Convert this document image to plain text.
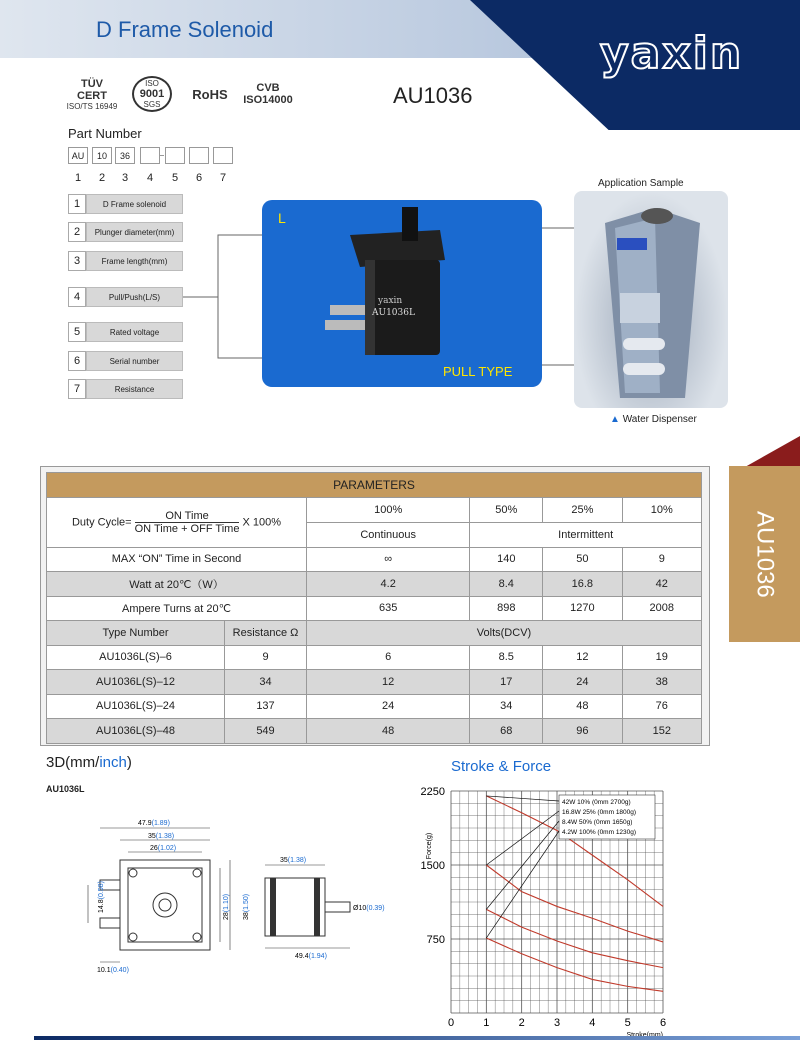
D Frame Solenoid	yaxin
TÜV
CERT
ISO/TS 16949
ISO
9001
SGS
RoHS	CVB
ISO14000	AU1036
Part Number
AU	10	36
1	2	3	4	5	6	7
1	D Frame solenoid
2	Plunger diameter(mm)
3	Frame length(mm)
4	Pull/Push(L/S)
5	Rated voltage
6	Serial number
7	Resistance
L
yaxin
AU1036L
PULL TYPE
Application Sample
▲ Water Dispenser
AU1036
PARAMETERS					
Duty Cycle= $\frac{\text{ON Time}}{\text{ON Time + OFF Time}}$ X 100%		100%	50%	25%	10%
		Continuous	Intermittent		
MAX “ON” Time in Second		∞	140	50	9
Watt at 20℃（W）		4.2	8.4	16.8	42
Ampere Turns at 20℃		635	898	1270	2008
Type Number	Resistance Ω	Volts(DCV)			
AU1036L(S)–6	9	6	8.5	12	19
AU1036L(S)–12	34	12	17	24	38
AU1036L(S)–24	137	24	34	48	76
AU1036L(S)–48	549	48	68	96	152
3D(mm/inch)
AU1036L
47.9(1.89)
35(1.38)
26(1.02)
14.8(0.58)
28(1.10)
38(1.50)
10.1(0.40)
35(1.38)
Ø10(0.39)
49.4(1.94)
Stroke & Force
0	1	2	3	4	5	6
750
1500
2250
Force(g)
42W 10% (0mm 2700g)
16.8W 25% (0mm 1800g)
8.4W 50% (0mm 1650g)
4.2W 100% (0mm 1230g)
